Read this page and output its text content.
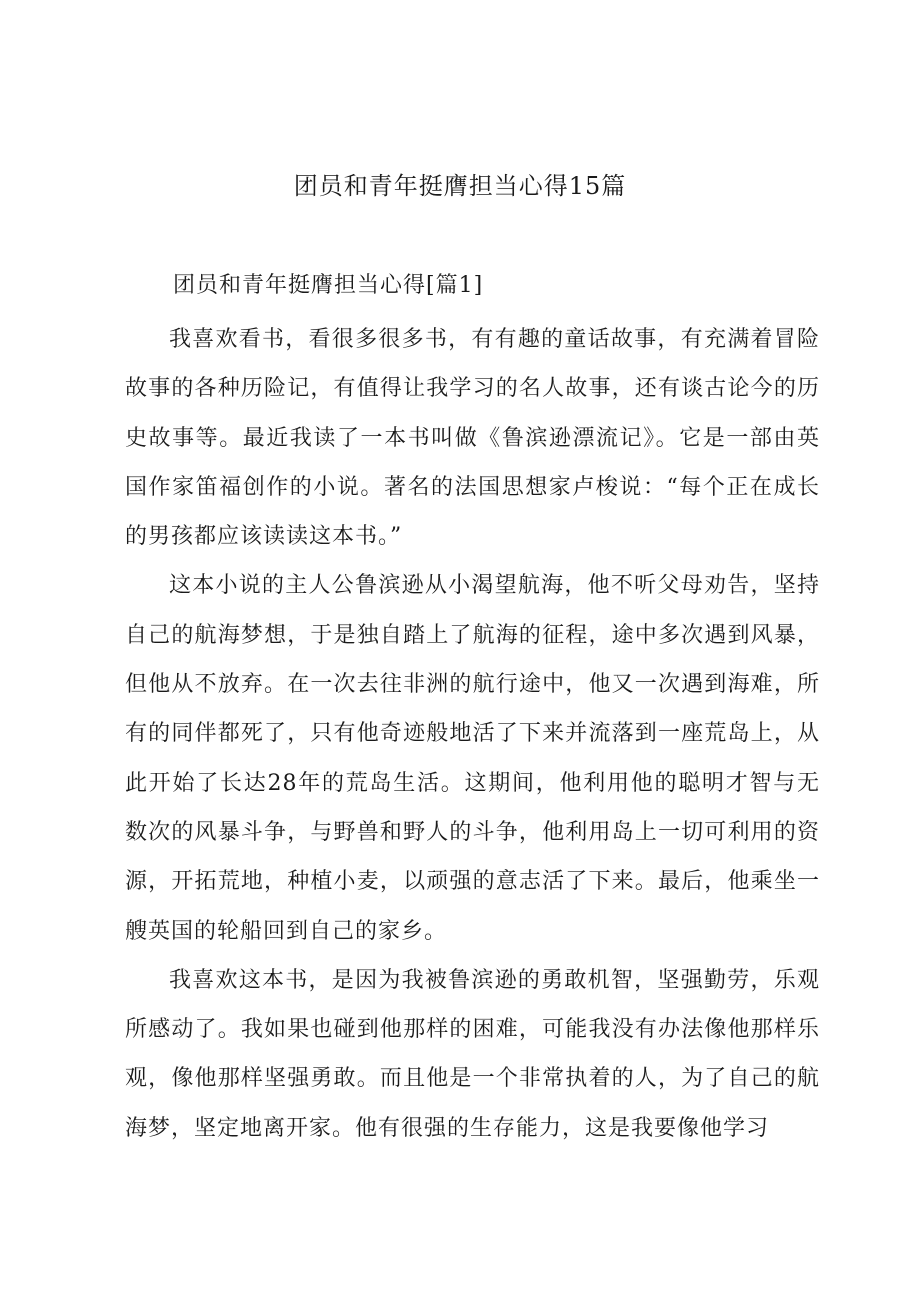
团员和青年挺膺担当心得15篇
团员和青年挺膺担当心得[篇1]

我喜欢看书，看很多很多书，有有趣的童话故事，有充满着冒险故事的各种历险记，有值得让我学习的名人故事，还有谈古论今的历史故事等。最近我读了一本书叫做《鲁滨逊漂流记》。它是一部由英国作家笛福创作的小说。著名的法国思想家卢梭说：“每个正在成长的男孩都应该读读这本书。”

这本小说的主人公鲁滨逊从小渴望航海，他不听父母劝告，坚持自己的航海梦想，于是独自踏上了航海的征程，途中多次遇到风暴，但他从不放弃。在一次去往非洲的航行途中，他又一次遇到海难，所有的同伴都死了，只有他奇迹般地活了下来并流落到一座荒岛上，从此开始了长达28年的荒岛生活。这期间，他利用他的聪明才智与无数次的风暴斗争，与野兽和野人的斗争，他利用岛上一切可利用的资源，开拓荒地，种植小麦，以顽强的意志活了下来。最后，他乘坐一艘英国的轮船回到自己的家乡。

我喜欢这本书，是因为我被鲁滨逊的勇敢机智，坚强勤劳，乐观所感动了。我如果也碰到他那样的困难，可能我没有办法像他那样乐观，像他那样坚强勇敢。而且他是一个非常执着的人，为了自己的航海梦，坚定地离开家。他有很强的生存能力，这是我要像他学习
